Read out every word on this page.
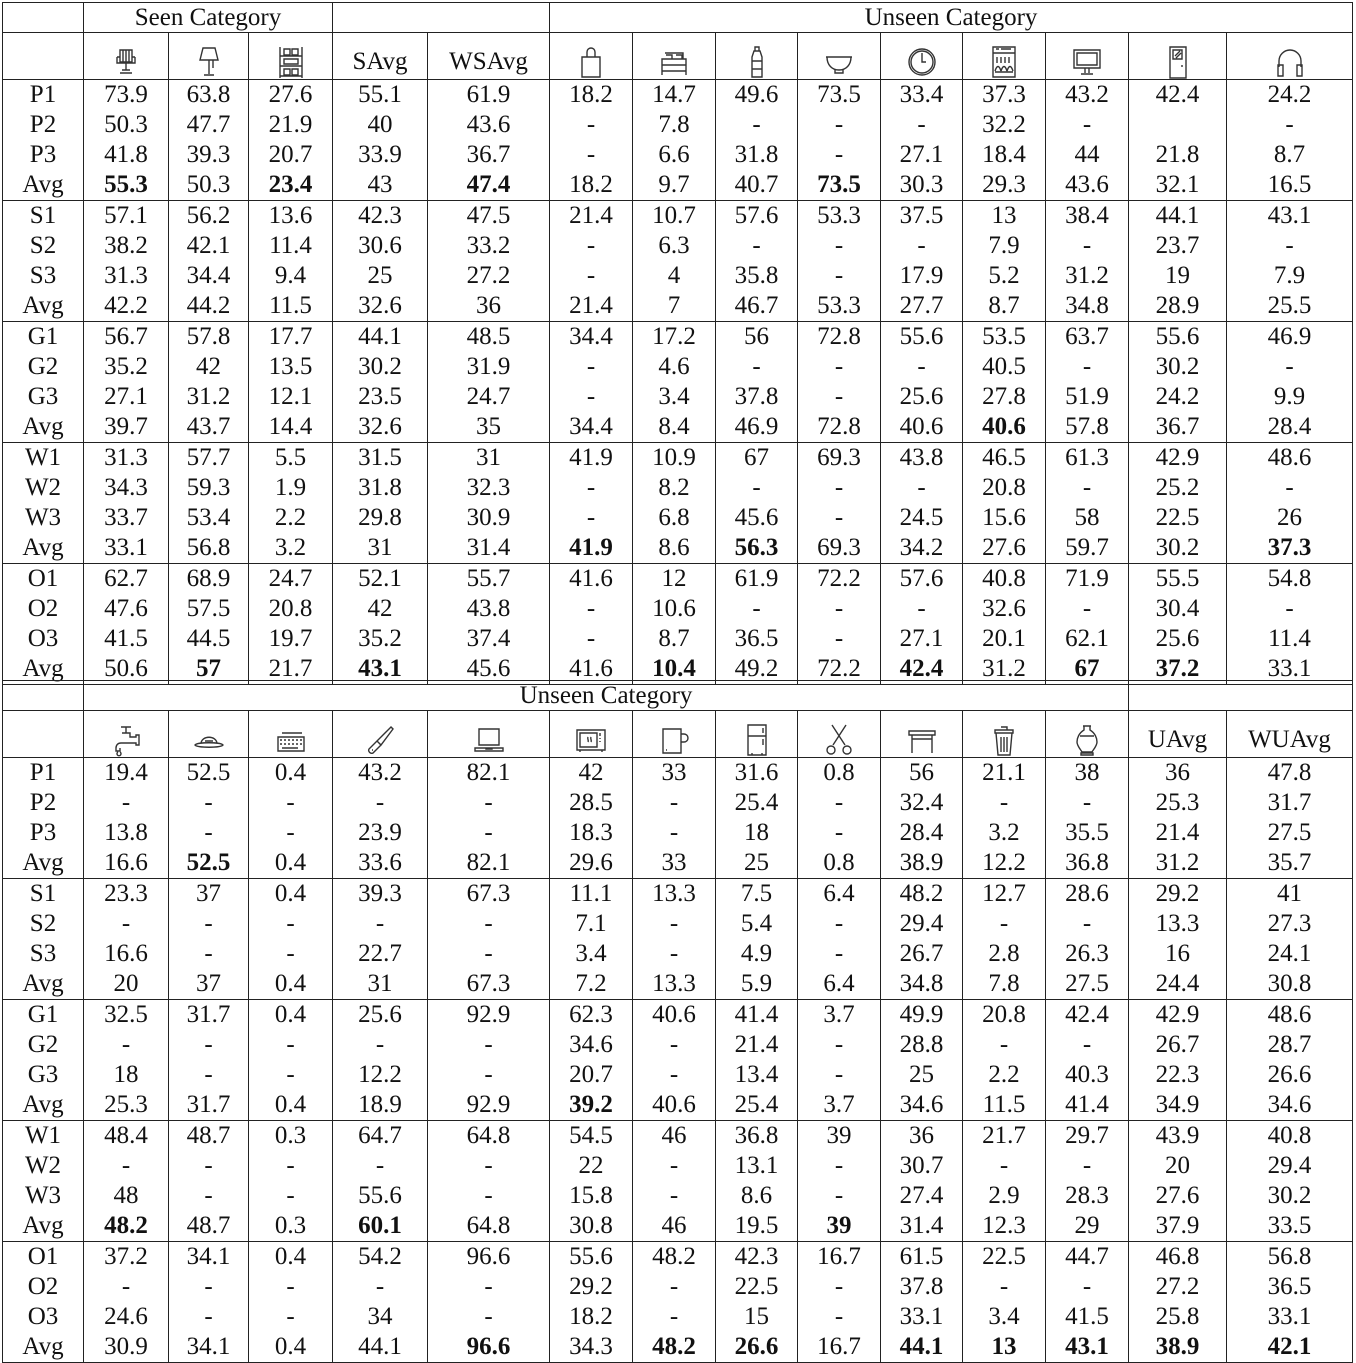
	Seen Category					Unseen Category								
				SAvg	WSAvg									
P1	73.9	63.8	27.6	55.1	61.9	18.2	14.7	49.6	73.5	33.4	37.3	43.2	42.4	24.2
P2	50.3	47.7	21.9	40	43.6	-	7.8	-	-	-	32.2	-		-
P3	41.8	39.3	20.7	33.9	36.7	-	6.6	31.8	-	27.1	18.4	44	21.8	8.7
Avg	55.3	50.3	23.4	43	47.4	18.2	9.7	40.7	73.5	30.3	29.3	43.6	32.1	16.5
S1	57.1	56.2	13.6	42.3	47.5	21.4	10.7	57.6	53.3	37.5	13	38.4	44.1	43.1
S2	38.2	42.1	11.4	30.6	33.2	-	6.3	-	-	-	7.9	-	23.7	-
S3	31.3	34.4	9.4	25	27.2	-	4	35.8	-	17.9	5.2	31.2	19	7.9
Avg	42.2	44.2	11.5	32.6	36	21.4	7	46.7	53.3	27.7	8.7	34.8	28.9	25.5
G1	56.7	57.8	17.7	44.1	48.5	34.4	17.2	56	72.8	55.6	53.5	63.7	55.6	46.9
G2	35.2	42	13.5	30.2	31.9	-	4.6	-	-	-	40.5	-	30.2	-
G3	27.1	31.2	12.1	23.5	24.7	-	3.4	37.8	-	25.6	27.8	51.9	24.2	9.9
Avg	39.7	43.7	14.4	32.6	35	34.4	8.4	46.9	72.8	40.6	40.6	57.8	36.7	28.4
W1	31.3	57.7	5.5	31.5	31	41.9	10.9	67	69.3	43.8	46.5	61.3	42.9	48.6
W2	34.3	59.3	1.9	31.8	32.3	-	8.2	-	-	-	20.8	-	25.2	-
W3	33.7	53.4	2.2	29.8	30.9	-	6.8	45.6	-	24.5	15.6	58	22.5	26
Avg	33.1	56.8	3.2	31	31.4	41.9	8.6	56.3	69.3	34.2	27.6	59.7	30.2	37.3
O1	62.7	68.9	24.7	52.1	55.7	41.6	12	61.9	72.2	57.6	40.8	71.9	55.5	54.8
O2	47.6	57.5	20.8	42	43.8	-	10.6	-	-	-	32.6	-	30.4	-
O3	41.5	44.5	19.7	35.2	37.4	-	8.7	36.5	-	27.1	20.1	62.1	25.6	11.4
Avg	50.6	57	21.7	43.1	45.6	41.6	10.4	49.2	72.2	42.4	31.2	67	37.2	33.1
	Unseen Category													
													UAvg	WUAvg
P1	19.4	52.5	0.4	43.2	82.1	42	33	31.6	0.8	56	21.1	38	36	47.8
P2	-	-	-	-	-	28.5	-	25.4	-	32.4	-	-	25.3	31.7
P3	13.8	-	-	23.9	-	18.3	-	18	-	28.4	3.2	35.5	21.4	27.5
Avg	16.6	52.5	0.4	33.6	82.1	29.6	33	25	0.8	38.9	12.2	36.8	31.2	35.7
S1	23.3	37	0.4	39.3	67.3	11.1	13.3	7.5	6.4	48.2	12.7	28.6	29.2	41
S2	-	-	-	-	-	7.1	-	5.4	-	29.4	-	-	13.3	27.3
S3	16.6	-	-	22.7	-	3.4	-	4.9	-	26.7	2.8	26.3	16	24.1
Avg	20	37	0.4	31	67.3	7.2	13.3	5.9	6.4	34.8	7.8	27.5	24.4	30.8
G1	32.5	31.7	0.4	25.6	92.9	62.3	40.6	41.4	3.7	49.9	20.8	42.4	42.9	48.6
G2	-	-	-	-	-	34.6	-	21.4	-	28.8	-	-	26.7	28.7
G3	18	-	-	12.2	-	20.7	-	13.4	-	25	2.2	40.3	22.3	26.6
Avg	25.3	31.7	0.4	18.9	92.9	39.2	40.6	25.4	3.7	34.6	11.5	41.4	34.9	34.6
W1	48.4	48.7	0.3	64.7	64.8	54.5	46	36.8	39	36	21.7	29.7	43.9	40.8
W2	-	-	-	-	-	22	-	13.1	-	30.7	-	-	20	29.4
W3	48	-	-	55.6	-	15.8	-	8.6	-	27.4	2.9	28.3	27.6	30.2
Avg	48.2	48.7	0.3	60.1	64.8	30.8	46	19.5	39	31.4	12.3	29	37.9	33.5
O1	37.2	34.1	0.4	54.2	96.6	55.6	48.2	42.3	16.7	61.5	22.5	44.7	46.8	56.8
O2	-	-	-	-	-	29.2	-	22.5	-	37.8	-	-	27.2	36.5
O3	24.6	-	-	34	-	18.2	-	15	-	33.1	3.4	41.5	25.8	33.1
Avg	30.9	34.1	0.4	44.1	96.6	34.3	48.2	26.6	16.7	44.1	13	43.1	38.9	42.1
